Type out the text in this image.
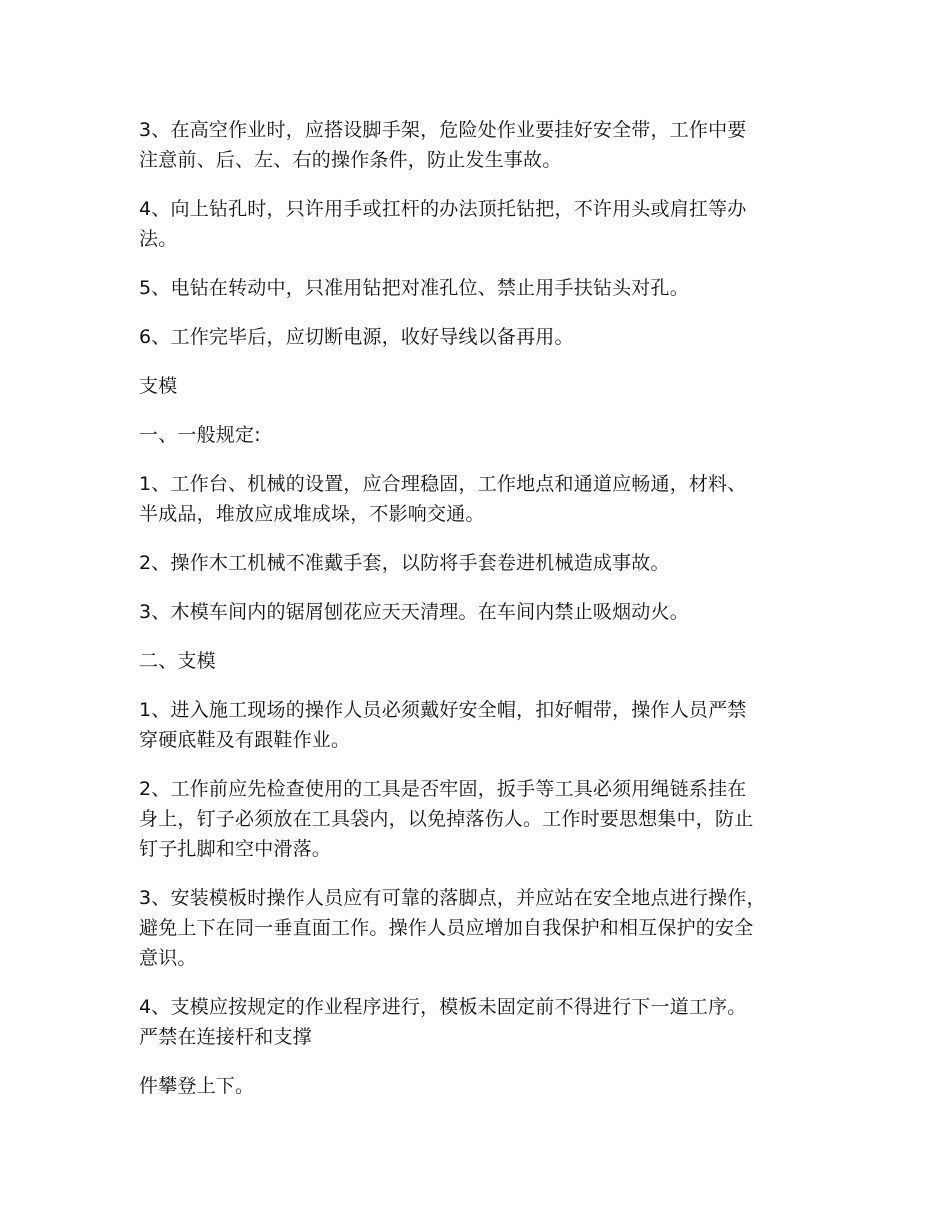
3、在高空作业时，应搭设脚手架，危险处作业要挂好安全带，工作中要
注意前、后、左、右的操作条件，防止发生事故。

4、向上钻孔时，只许用手或扛杆的办法顶托钻把，不许用头或肩扛等办
法。

5、电钻在转动中，只准用钻把对准孔位、禁止用手扶钻头对孔。

6、工作完毕后，应切断电源，收好导线以备再用。

支模

一、一般规定:

1、工作台、机械的设置，应合理稳固，工作地点和通道应畅通，材料、
半成品，堆放应成堆成垛，不影响交通。

2、操作木工机械不准戴手套，以防将手套卷进机械造成事故。

3、木模车间内的锯屑刨花应天天清理。在车间内禁止吸烟动火。

二、支模

1、进入施工现场的操作人员必须戴好安全帽，扣好帽带，操作人员严禁
穿硬底鞋及有跟鞋作业。

2、工作前应先检查使用的工具是否牢固，扳手等工具必须用绳链系挂在
身上，钉子必须放在工具袋内，以免掉落伤人。工作时要思想集中，防止
钉子扎脚和空中滑落。

3、安装模板时操作人员应有可靠的落脚点，并应站在安全地点进行操作，
避免上下在同一垂直面工作。操作人员应增加自我保护和相互保护的安全
意识。

4、支模应按规定的作业程序进行，模板未固定前不得进行下一道工序。
严禁在连接杆和支撑

件攀登上下。
